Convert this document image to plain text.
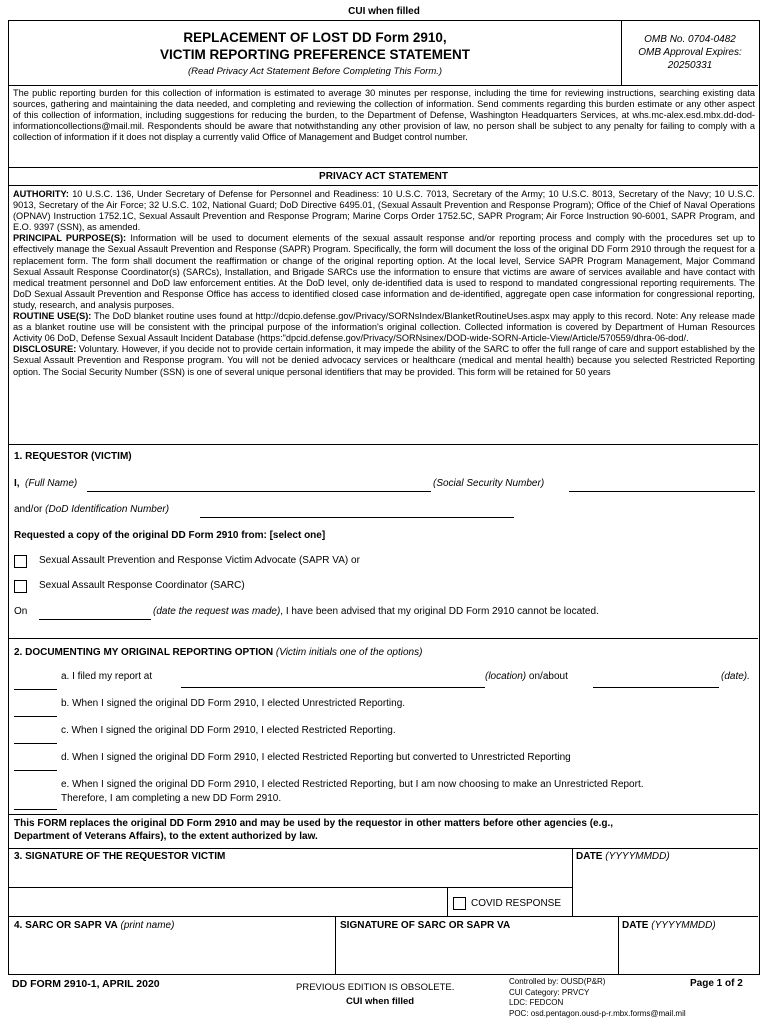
CUI when filled
REPLACEMENT OF LOST DD Form 2910,
VICTIM REPORTING PREFERENCE STATEMENT
(Read Privacy Act Statement Before Completing This Form.)
OMB No. 0704-0482
OMB Approval Expires:
20250331
The public reporting burden for this collection of information is estimated to average 30 minutes per response, including the time for reviewing instructions, searching existing data sources, gathering and maintaining the data needed, and completing and reviewing the collection of information. Send comments regarding this burden estimate or any other aspect of this collection of information, including suggestions for reducing the burden, to the Department of Defense, Washington Headquarters Services, at whs.mc-alex.esd.mbx.dd-dod-informationcollections@mail.mil. Respondents should be aware that notwithstanding any other provision of law, no person shall be subject to any penalty for failing to comply with a collection of information if it does not display a currently valid Office of Management and Budget control number.
PRIVACY ACT STATEMENT

AUTHORITY: 10 U.S.C. 136, Under Secretary of Defense for Personnel and Readiness: 10 U.S.C. 7013, Secretary of the Army; 10 U.S.C. 8013, Secretary of the Navy; 10 U.S.C. 9013, Secretary of the Air Force; 32 U.S.C. 102, National Guard; DoD Directive 6495.01, (Sexual Assault Prevention and Response Program); Office of the Chief of Naval Operations (OPNAV) Instruction 1752.1C, Sexual Assault Prevention and Response Program; Marine Corps Order 1752.5C, SAPR Program; Air Force Instruction 90-6001, SAPR Program, and E.O. 9397 (SSN), as amended.

PRINCIPAL PURPOSE(S): Information will be used to document elements of the sexual assault response and/or reporting process and comply with the procedures set up to effectively manage the Sexual Assault Prevention and Response (SAPR) Program. Specifically, the form will document the loss of the original DD Form 2910 through the request for a replacement form. The form shall document the reaffirmation or change of the original reporting option. At the local level, Service SAPR Program Management, Major Command Sexual Assault Response Coordinator(s) (SARCs), Installation, and Brigade SARCs use the information to ensure that victims are aware of services available and have contact with medical treatment personnel and DoD law enforcement entities. At the DoD level, only de-identified data is used to respond to mandated congressional reporting requirements. The DoD Sexual Assault Prevention and Response Office has access to identified closed case information and de-identified, aggregate open case information for congressional reporting, study, research, and analysis purposes.

ROUTINE USE(S): The DoD blanket routine uses found at http://dcpio.defense.gov/Privacy/SORNsIndex/BlanketRoutineUses.aspx may apply to this record. Note: Any release made as a blanket routine use will be consistent with the principal purpose of the information's original collection. Collected information is covered by Department of Human Resources Activity 06 DoD, Defense Sexual Assault Incident Database (https:"dpcid.defense.gov/Privacy/SORNsinex/DOD-wide-SORN-Article-View/Article/570559/dhra-06-dod/.

DISCLOSURE: Voluntary. However, if you decide not to provide certain information, it may impede the ability of the SARC to offer the full range of care and support established by the Sexual Assault Prevention and Response program. You will not be denied advocacy services or healthcare (medical and mental health) because you selected Restricted Reporting option. The Social Security Number (SSN) is one of several unique personal identifiers that may be provided. This form will be retained for 50 years

1. REQUESTOR (VICTIM)
I, (Full Name)	(Social Security Number)
and/or (DoD Identification Number)
Requested a copy of the original DD Form 2910 from: [select one]
Sexual Assault Prevention and Response Victim Advocate (SAPR VA) or
Sexual Assault Response Coordinator (SARC)
On	(date the request was made), I have been advised that my original DD Form 2910 cannot be located.
2. DOCUMENTING MY ORIGINAL REPORTING OPTION (Victim initials one of the options)
a. I filed my report at	(location) on/about	(date).
b. When I signed the original DD Form 2910, I elected Unrestricted Reporting.
c. When I signed the original DD Form 2910, I elected Restricted Reporting.
d. When I signed the original DD Form 2910, I elected Restricted Reporting but converted to Unrestricted Reporting
e. When I signed the original DD Form 2910, I elected Restricted Reporting, but I am now choosing to make an Unrestricted Report.
Therefore, I am completing a new DD Form 2910.
This FORM replaces the original DD Form 2910 and may be used by the requestor in other matters before other agencies (e.g.,
Department of Veterans Affairs), to the extent authorized by law.
3. SIGNATURE OF THE REQUESTOR VICTIM	DATE (YYYYMMDD)
COVID RESPONSE
4. SARC OR SAPR VA (print name)	SIGNATURE OF SARC OR SAPR VA	DATE (YYYYMMDD)
DD FORM 2910-1, APRIL 2020	PREVIOUS EDITION IS OBSOLETE.
CUI when filled
Controlled by: OUSD(P&R)
CUI Category: PRVCY
LDC: FEDCON
POC: osd.pentagon.ousd-p-r.mbx.forms@mail.mil
Page 1 of 2
